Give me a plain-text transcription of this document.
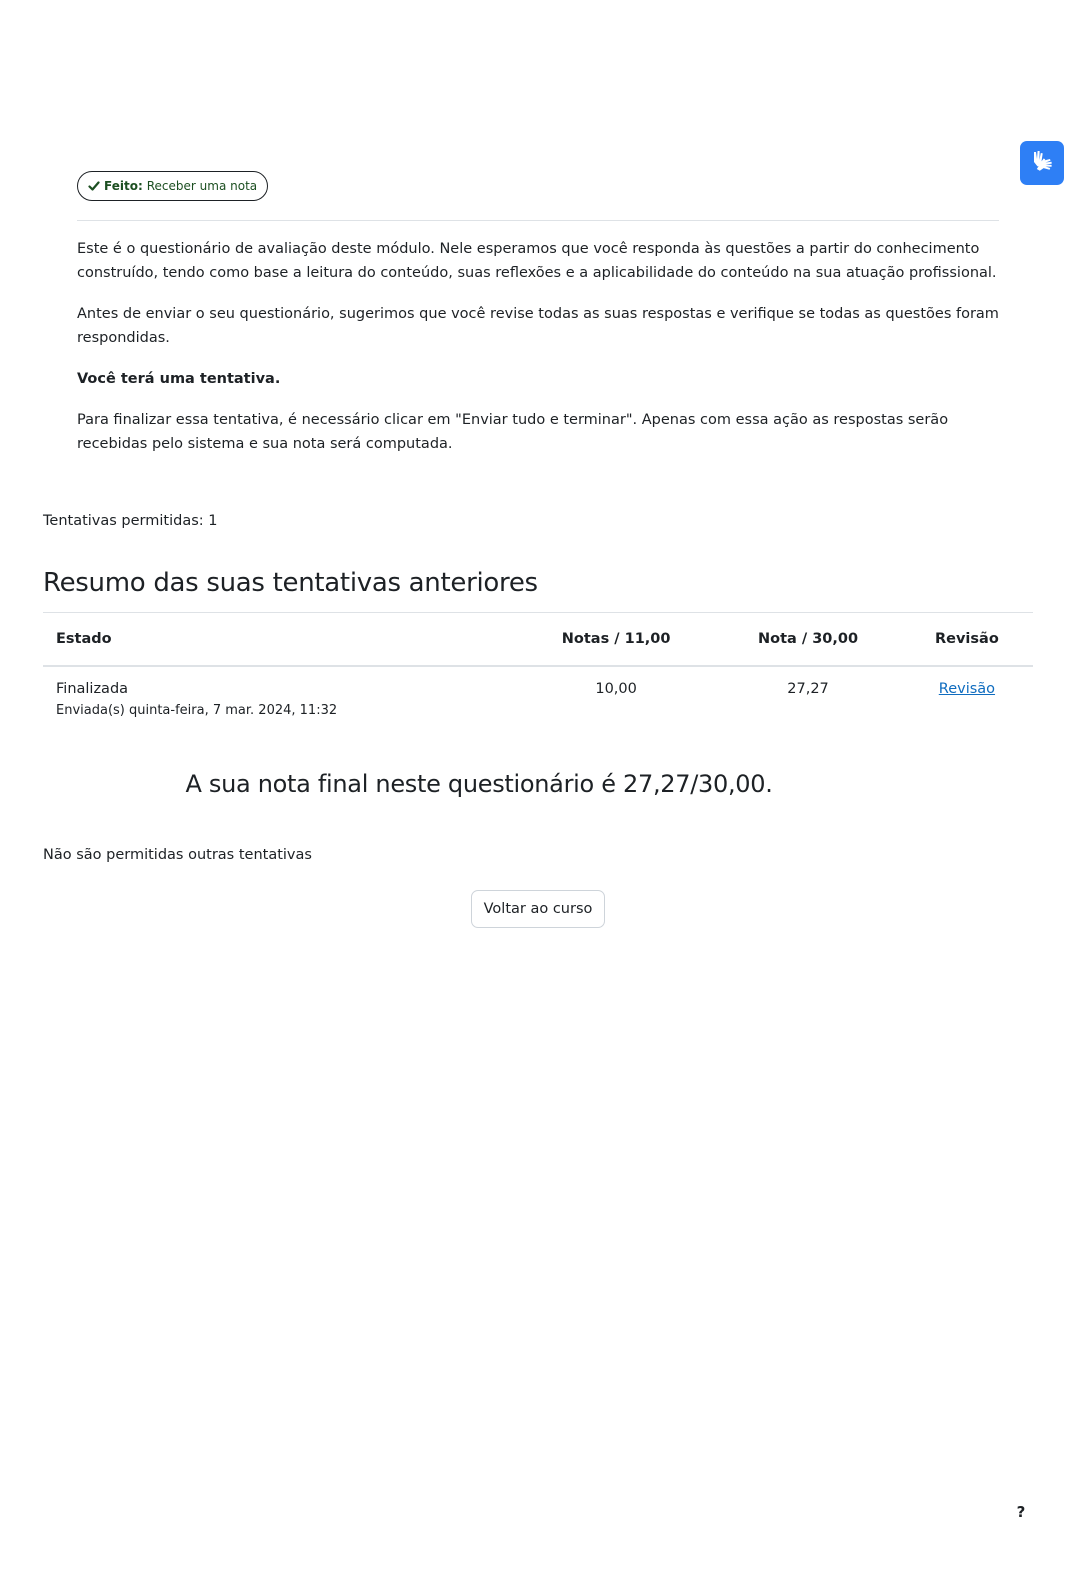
Feito: Receber uma nota

Este é o questionário de avaliação deste módulo. Nele esperamos que você responda às questões a partir do conhecimento construído, tendo como base a leitura do conteúdo, suas reflexões e a aplicabilidade do conteúdo na sua atuação profissional.

Antes de enviar o seu questionário, sugerimos que você revise todas as suas respostas e verifique se todas as questões foram respondidas.

Você terá uma tentativa.

Para finalizar essa tentativa, é necessário clicar em "Enviar tudo e terminar". Apenas com essa ação as respostas serão recebidas pelo sistema e sua nota será computada.

Tentativas permitidas: 1
Resumo das suas tentativas anteriores
Estado	Notas / 11,00	Nota / 30,00	Revisão
Finalizada
Enviada(s) quinta-feira, 7 mar. 2024, 11:32	10,00	27,27	Revisão
A sua nota final neste questionário é 27,27/30,00.
Não são permitidas outras tentativas
Voltar ao curso
?
